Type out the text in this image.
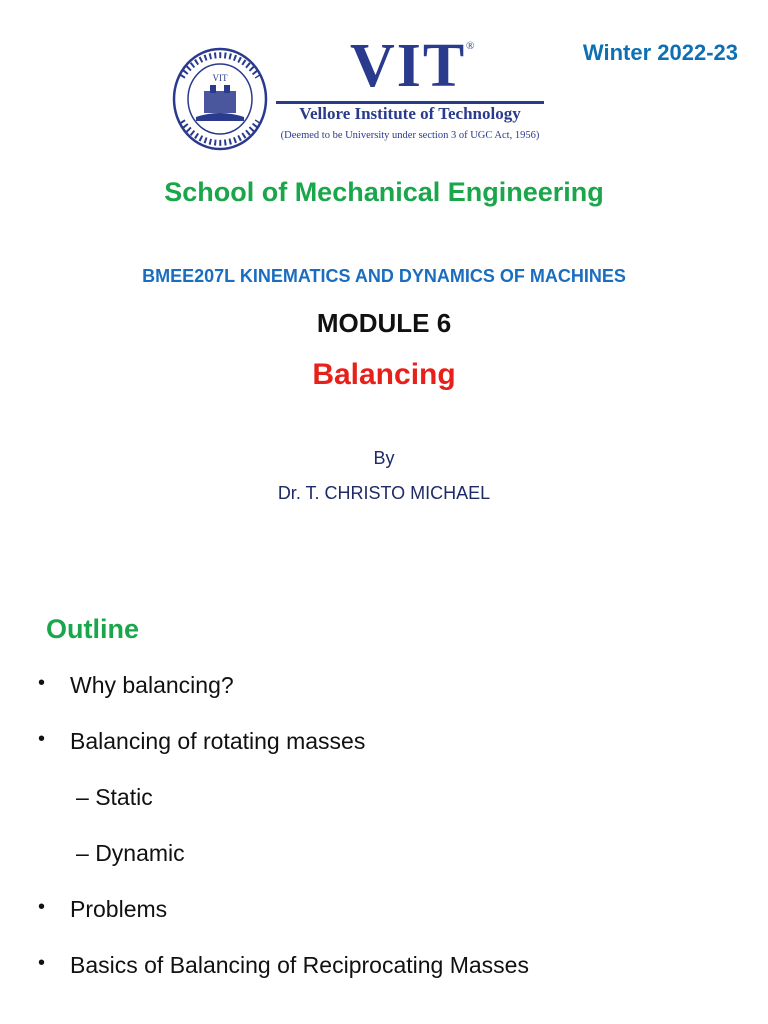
VIT VIT ®
Vellore Institute of Technology
(Deemed to be University under section 3 of UGC Act, 1956)
Winter 2022-23
School of Mechanical Engineering
BMEE207L KINEMATICS AND DYNAMICS OF MACHINES
MODULE 6
Balancing
By
Dr. T. CHRISTO MICHAEL
Outline
• Why balancing?
• Balancing of rotating masses
– Static
– Dynamic
• Problems
• Basics of Balancing of Reciprocating Masses
